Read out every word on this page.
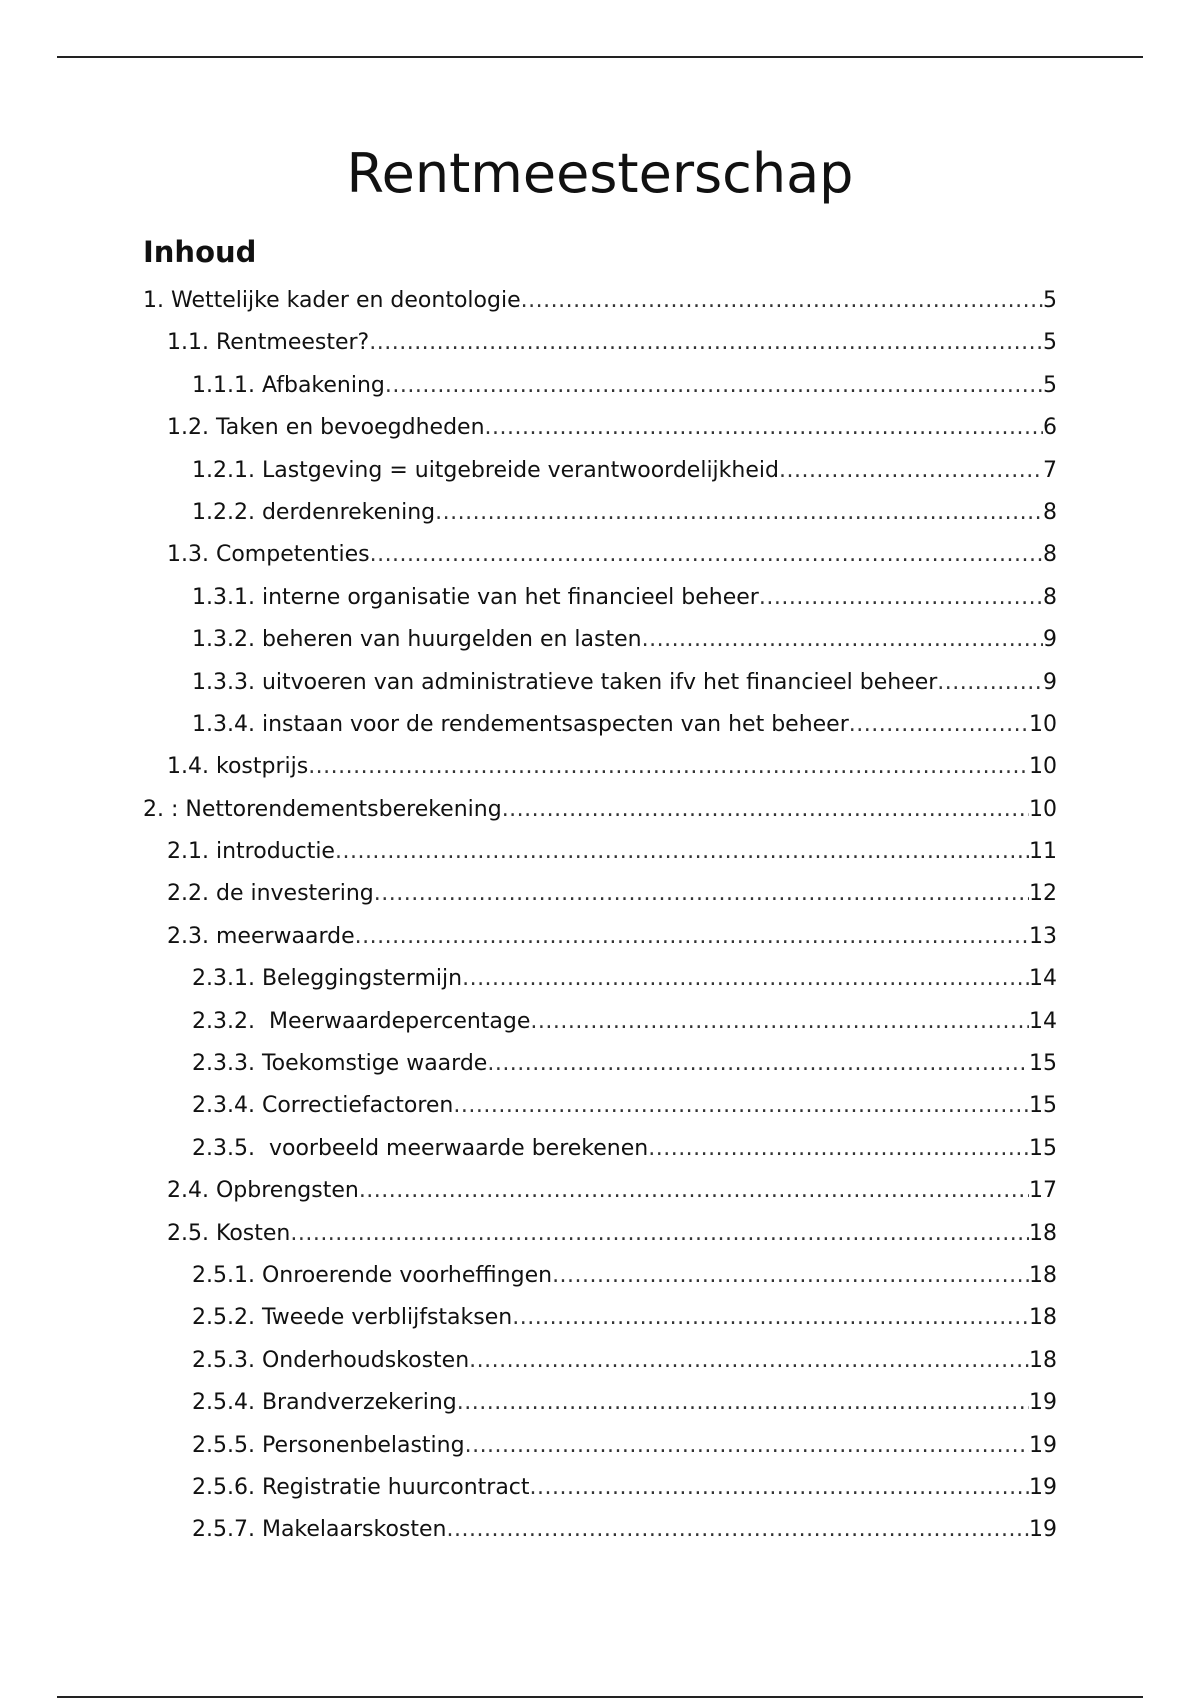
Rentmeesterschap
Inhoud
1. Wettelijke kader en deontologie .....	5
1.1. Rentmeester? .....	5
1.1.1. Afbakening .....	5
1.2. Taken en bevoegdheden .....	6
1.2.1. Lastgeving = uitgebreide verantwoordelijkheid .....	7
1.2.2. derdenrekening .....	8
1.3. Competenties .....	8
1.3.1. interne organisatie van het financieel beheer .....	8
1.3.2. beheren van huurgelden en lasten .....	9
1.3.3. uitvoeren van administratieve taken ifv het financieel beheer .....	9
1.3.4. instaan voor de rendementsaspecten van het beheer .....	10
1.4. kostprijs .....	10
2. : Nettorendementsberekening .....	10
2.1. introductie .....	11
2.2. de investering .....	12
2.3. meerwaarde .....	13
2.3.1. Beleggingstermijn .....	14
2.3.2. Meerwaardepercentage .....	14
2.3.3. Toekomstige waarde .....	15
2.3.4. Correctiefactoren .....	15
2.3.5. voorbeeld meerwaarde berekenen .....	15
2.4. Opbrengsten .....	17
2.5. Kosten .....	18
2.5.1. Onroerende voorheffingen .....	18
2.5.2. Tweede verblijfstaksen .....	18
2.5.3. Onderhoudskosten .....	18
2.5.4. Brandverzekering .....	19
2.5.5. Personenbelasting .....	19
2.5.6. Registratie huurcontract .....	19
2.5.7. Makelaarskosten .....	19
